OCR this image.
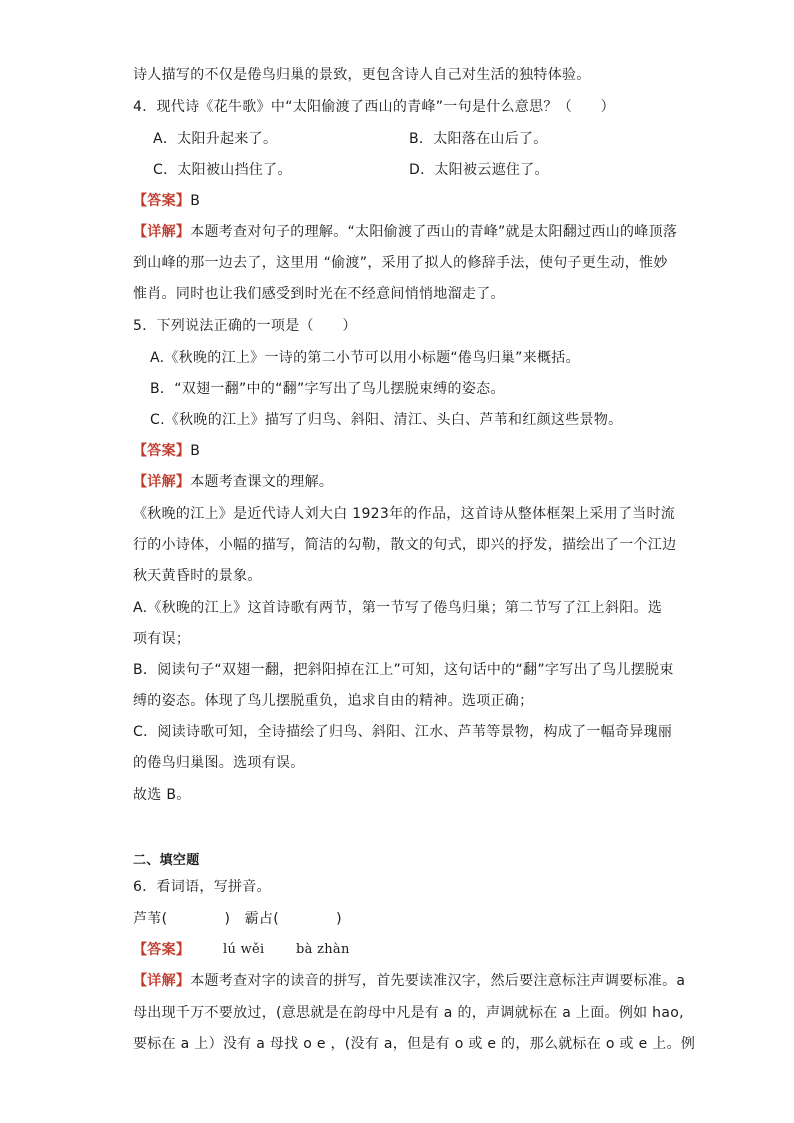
诗人描写的不仅是倦鸟归巢的景致，更包含诗人自己对生活的独特体验。
4．现代诗《花牛歌》中“太阳偷渡了西山的青峰”一句是什么意思？（　　）
A．太阳升起来了。	B．太阳落在山后了。
C．太阳被山挡住了。	D．太阳被云遮住了。
【答案】B
【详解】本题考查对句子的理解。“太阳偷渡了西山的青峰”就是太阳翻过西山的峰顶落
到山峰的那一边去了，这里用 “偷渡”，采用了拟人的修辞手法，使句子更生动，惟妙
惟肖。同时也让我们感受到时光在不经意间悄悄地溜走了。
5．下列说法正确的一项是（　　）
A.《秋晚的江上》一诗的第二小节可以用小标题“倦鸟归巢”来概括。
B．“双翅一翻”中的“翻”字写出了鸟儿摆脱束缚的姿态。
C.《秋晚的江上》描写了归鸟、斜阳、清江、头白、芦苇和红颜这些景物。
【答案】B
【详解】本题考查课文的理解。
《秋晚的江上》是近代诗人刘大白 1923年的作品，这首诗从整体框架上采用了当时流
行的小诗体，小幅的描写，简洁的勾勒，散文的句式，即兴的抒发，描绘出了一个江边
秋天黄昏时的景象。
A.《秋晚的江上》这首诗歌有两节，第一节写了倦鸟归巢；第二节写了江上斜阳。选
项有误；
B．阅读句子“双翅一翻，把斜阳掉在江上”可知，这句话中的“翻”字写出了鸟儿摆脱束
缚的姿态。体现了鸟儿摆脱重负，追求自由的精神。选项正确；
C．阅读诗歌可知，全诗描绘了归鸟、斜阳、江水、芦苇等景物，构成了一幅奇异瑰丽
的倦鸟归巢图。选项有误。
故选 B。
二、填空题
6．看词语，写拼音。
芦苇(　　　　)　霸占(　　　　)
【答案】	lú wěi bà zhàn
【详解】本题考查对字的读音的拼写，首先要读准汉字，然后要注意标注声调要标准。a
母出现千万不要放过，(意思就是在韵母中凡是有 a 的，声调就标在 a 上面。例如 hao,
要标在 a 上）没有 a 母找 o e ，(没有 a，但是有 o 或 e 的，那么就标在 o 或 e 上。例
